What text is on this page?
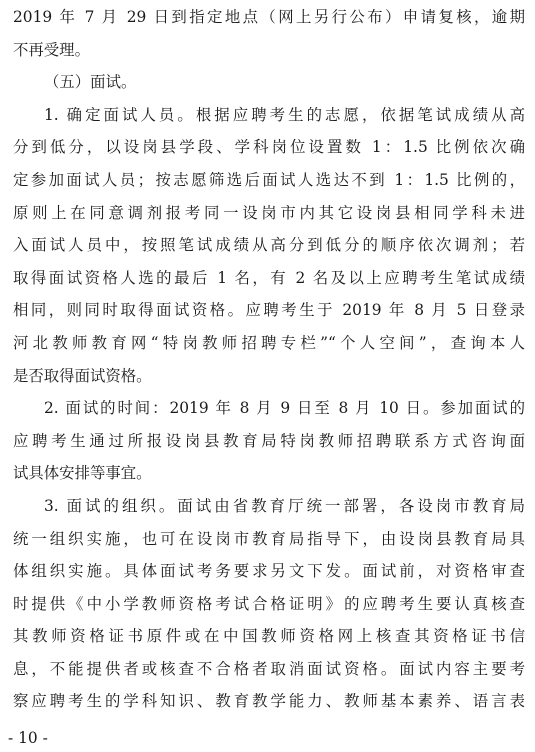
2019 年 7 月 29 日到指定地点（网上另行公布）申请复核，逾期
不再受理。
（五）面试。
1. 确定面试人员。根据应聘考生的志愿，依据笔试成绩从高
分到低分，以设岗县学段、学科岗位设置数 1：1.5 比例依次确
定参加面试人员；按志愿筛选后面试人选达不到 1：1.5 比例的，
原则上在同意调剂报考同一设岗市内其它设岗县相同学科未进
入面试人员中，按照笔试成绩从高分到低分的顺序依次调剂；若
取得面试资格人选的最后 1 名，有 2 名及以上应聘考生笔试成绩
相同，则同时取得面试资格。应聘考生于 2019 年 8 月 5 日登录
河北教师教育网“特岗教师招聘专栏”“个人空间”，查询本人
是否取得面试资格。
2. 面试的时间：2019 年 8 月 9 日至 8 月 10 日。参加面试的
应聘考生通过所报设岗县教育局特岗教师招聘联系方式咨询面
试具体安排等事宜。
3. 面试的组织。面试由省教育厅统一部署，各设岗市教育局
统一组织实施，也可在设岗市教育局指导下，由设岗县教育局具
体组织实施。具体面试考务要求另文下发。面试前，对资格审查
时提供《中小学教师资格考试合格证明》的应聘考生要认真核查
其教师资格证书原件或在中国教师资格网上核查其资格证书信
息，不能提供者或核查不合格者取消面试资格。面试内容主要考
察应聘考生的学科知识、教育教学能力、教师基本素养、语言表
- 10 -
